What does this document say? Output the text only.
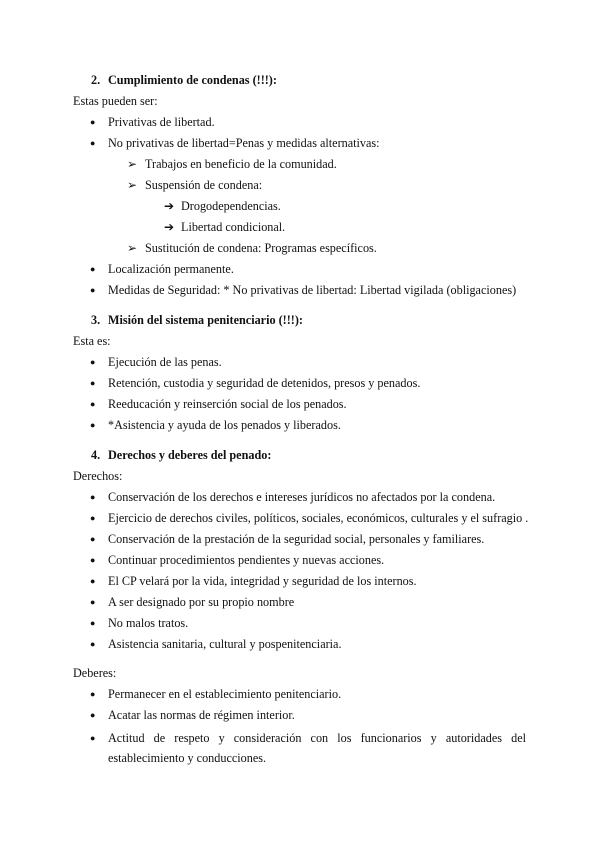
2. Cumplimiento de condenas (!!!):
Estas pueden ser:
● Privativas de libertad.
● No privativas de libertad=Penas y medidas alternativas:
➢ Trabajos en beneficio de la comunidad.
➢ Suspensión de condena:
➔ Drogodependencias.
➔ Libertad condicional.
➢ Sustitución de condena: Programas específicos.
● Localización permanente.
● Medidas de Seguridad: * No privativas de libertad: Libertad vigilada (obligaciones)
3. Misión del sistema penitenciario (!!!):
Esta es:
● Ejecución de las penas.
● Retención, custodia y seguridad de detenidos, presos y penados.
● Reeducación y reinserción social de los penados.
● *Asistencia y ayuda de los penados y liberados.
4. Derechos y deberes del penado:
Derechos:
● Conservación de los derechos e intereses jurídicos no afectados por la condena.
● Ejercicio de derechos civiles, políticos, sociales, económicos, culturales y el sufragio .
● Conservación de la prestación de la seguridad social, personales y familiares.
● Continuar procedimientos pendientes y nuevas acciones.
● El CP velará por la vida, integridad y seguridad de los internos.
● A ser designado por su propio nombre
● No malos tratos.
● Asistencia sanitaria, cultural y pospenitenciaria.
Deberes:
● Permanecer en el establecimiento penitenciario.
● Acatar las normas de régimen interior.
● Actitud de respeto y consideración con los funcionarios y autoridades del
establecimiento y conducciones.
